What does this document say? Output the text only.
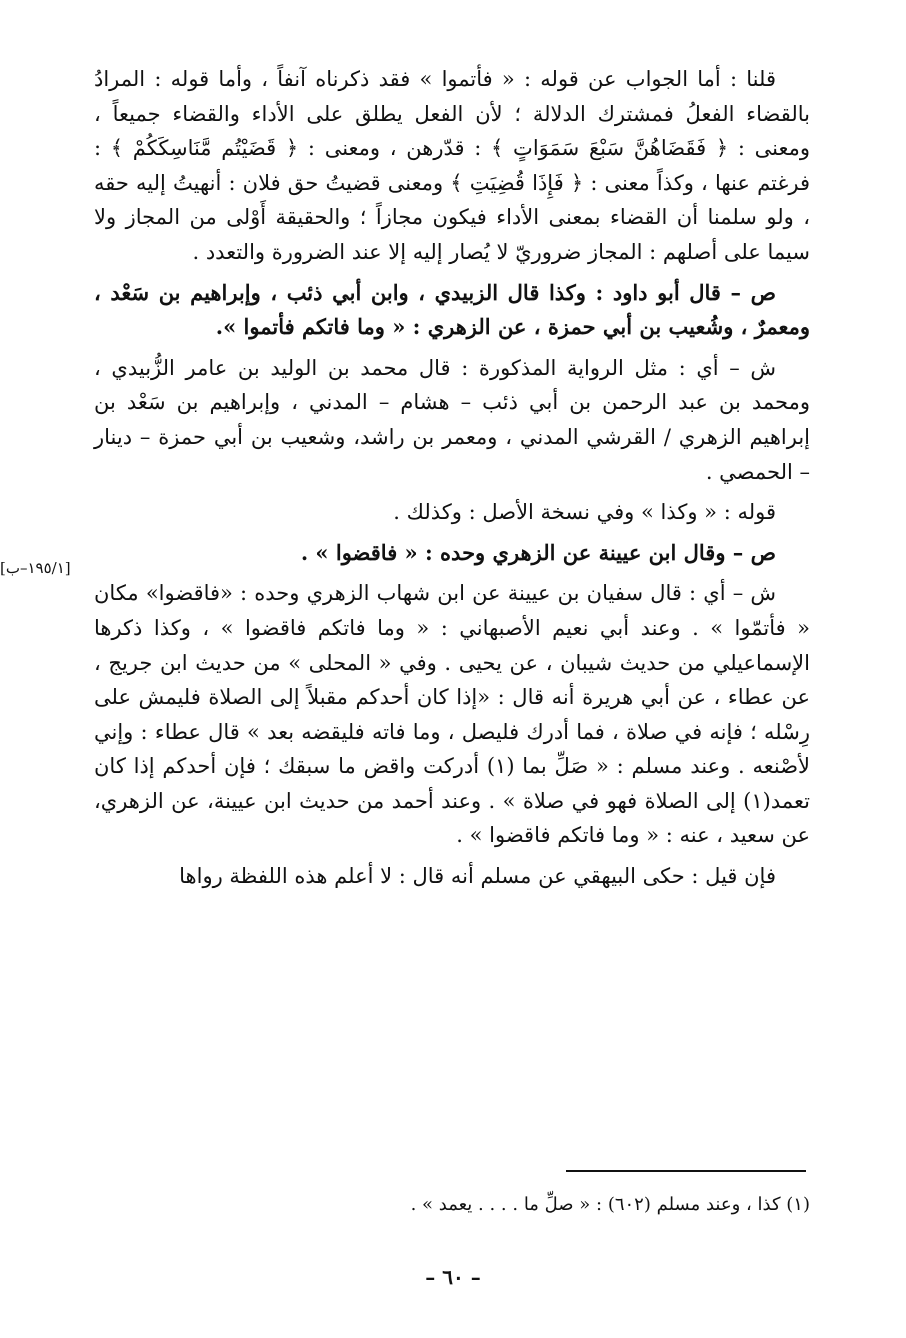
قلنا : أما الجواب عن قوله : « فأتموا » فقد ذكرناه آنفاً ، وأما قوله : المرادُ بالقضاء الفعلُ فمشترك الدلالة ؛ لأن الفعل يطلق على الأداء والقضاء جميعاً ، ومعنى : ﴿ فَقَضَاهُنَّ سَبْعَ سَمَوَاتٍ ﴾ : قدّرهن ، ومعنى : ﴿ قَضَيْتُم مَّنَاسِكَكُمْ ﴾ : فرغتم عنها ، وكذاً معنى : ﴿ فَإِذَا قُضِيَتِ ﴾ ومعنى قضيتُ حق فلان : أنهيتُ إليه حقه ، ولو سلمنا أن القضاء بمعنى الأداء فيكون مجازاً ؛ والحقيقة أَوْلى من المجاز ولا سيما على أصلهم : المجاز ضروريّ لا يُصار إليه إلا عند الضرورة والتعدد .

ص – قال أبو داود : وكذا قال الزبيدي ، وابن أبي ذئب ، وإبراهيم بن سَعْد ، ومعمرٌ ، وشُعيب بن أبي حمزة ، عن الزهري : « وما فاتكم فأتموا ».

ش – أي : مثل الرواية المذكورة : قال محمد بن الوليد بن عامر الزُّبيدي ، ومحمد بن عبد الرحمن بن أبي ذئب – هشام – المدني ، وإبراهيم بن سَعْد بن إبراهيم الزهري / القرشي المدني ، ومعمر بن راشد، وشعيب بن أبي حمزة – دينار – الحمصي .

قوله : « وكذا » وفي نسخة الأصل : وكذلك .

ص – وقال ابن عيينة عن الزهري وحده : « فاقضوا » .

ش – أي : قال سفيان بن عيينة عن ابن شهاب الزهري وحده : «فاقضوا» مكان « فأتمّوا » . وعند أبي نعيم الأصبهاني : « وما فاتكم فاقضوا » ، وكذا ذكرها الإسماعيلي من حديث شيبان ، عن يحيى . وفي « المحلى » من حديث ابن جريج ، عن عطاء ، عن أبي هريرة أنه قال : «إذا كان أحدكم مقبلاً إلى الصلاة فليمش على رِسْله ؛ فإنه في صلاة ، فما أدرك فليصل ، وما فاته فليقضه بعد » قال عطاء : وإني لأصْنعه . وعند مسلم : « صَلِّ بما (١) أدركت واقض ما سبقك ؛ فإن أحدكم إذا كان تعمد(١) إلى الصلاة فهو في صلاة » . وعند أحمد من حديث ابن عيينة، عن الزهري، عن سعيد ، عنه : « وما فاتكم فاقضوا » .

فإن قيل : حكى البيهقي عن مسلم أنه قال : لا أعلم هذه اللفظة رواها

[١٩٥/١–ب]
(١) كذا ، وعند مسلم (٦٠٢) : « صلِّ ما . . . . يعمد » .
– ٦٠ –
